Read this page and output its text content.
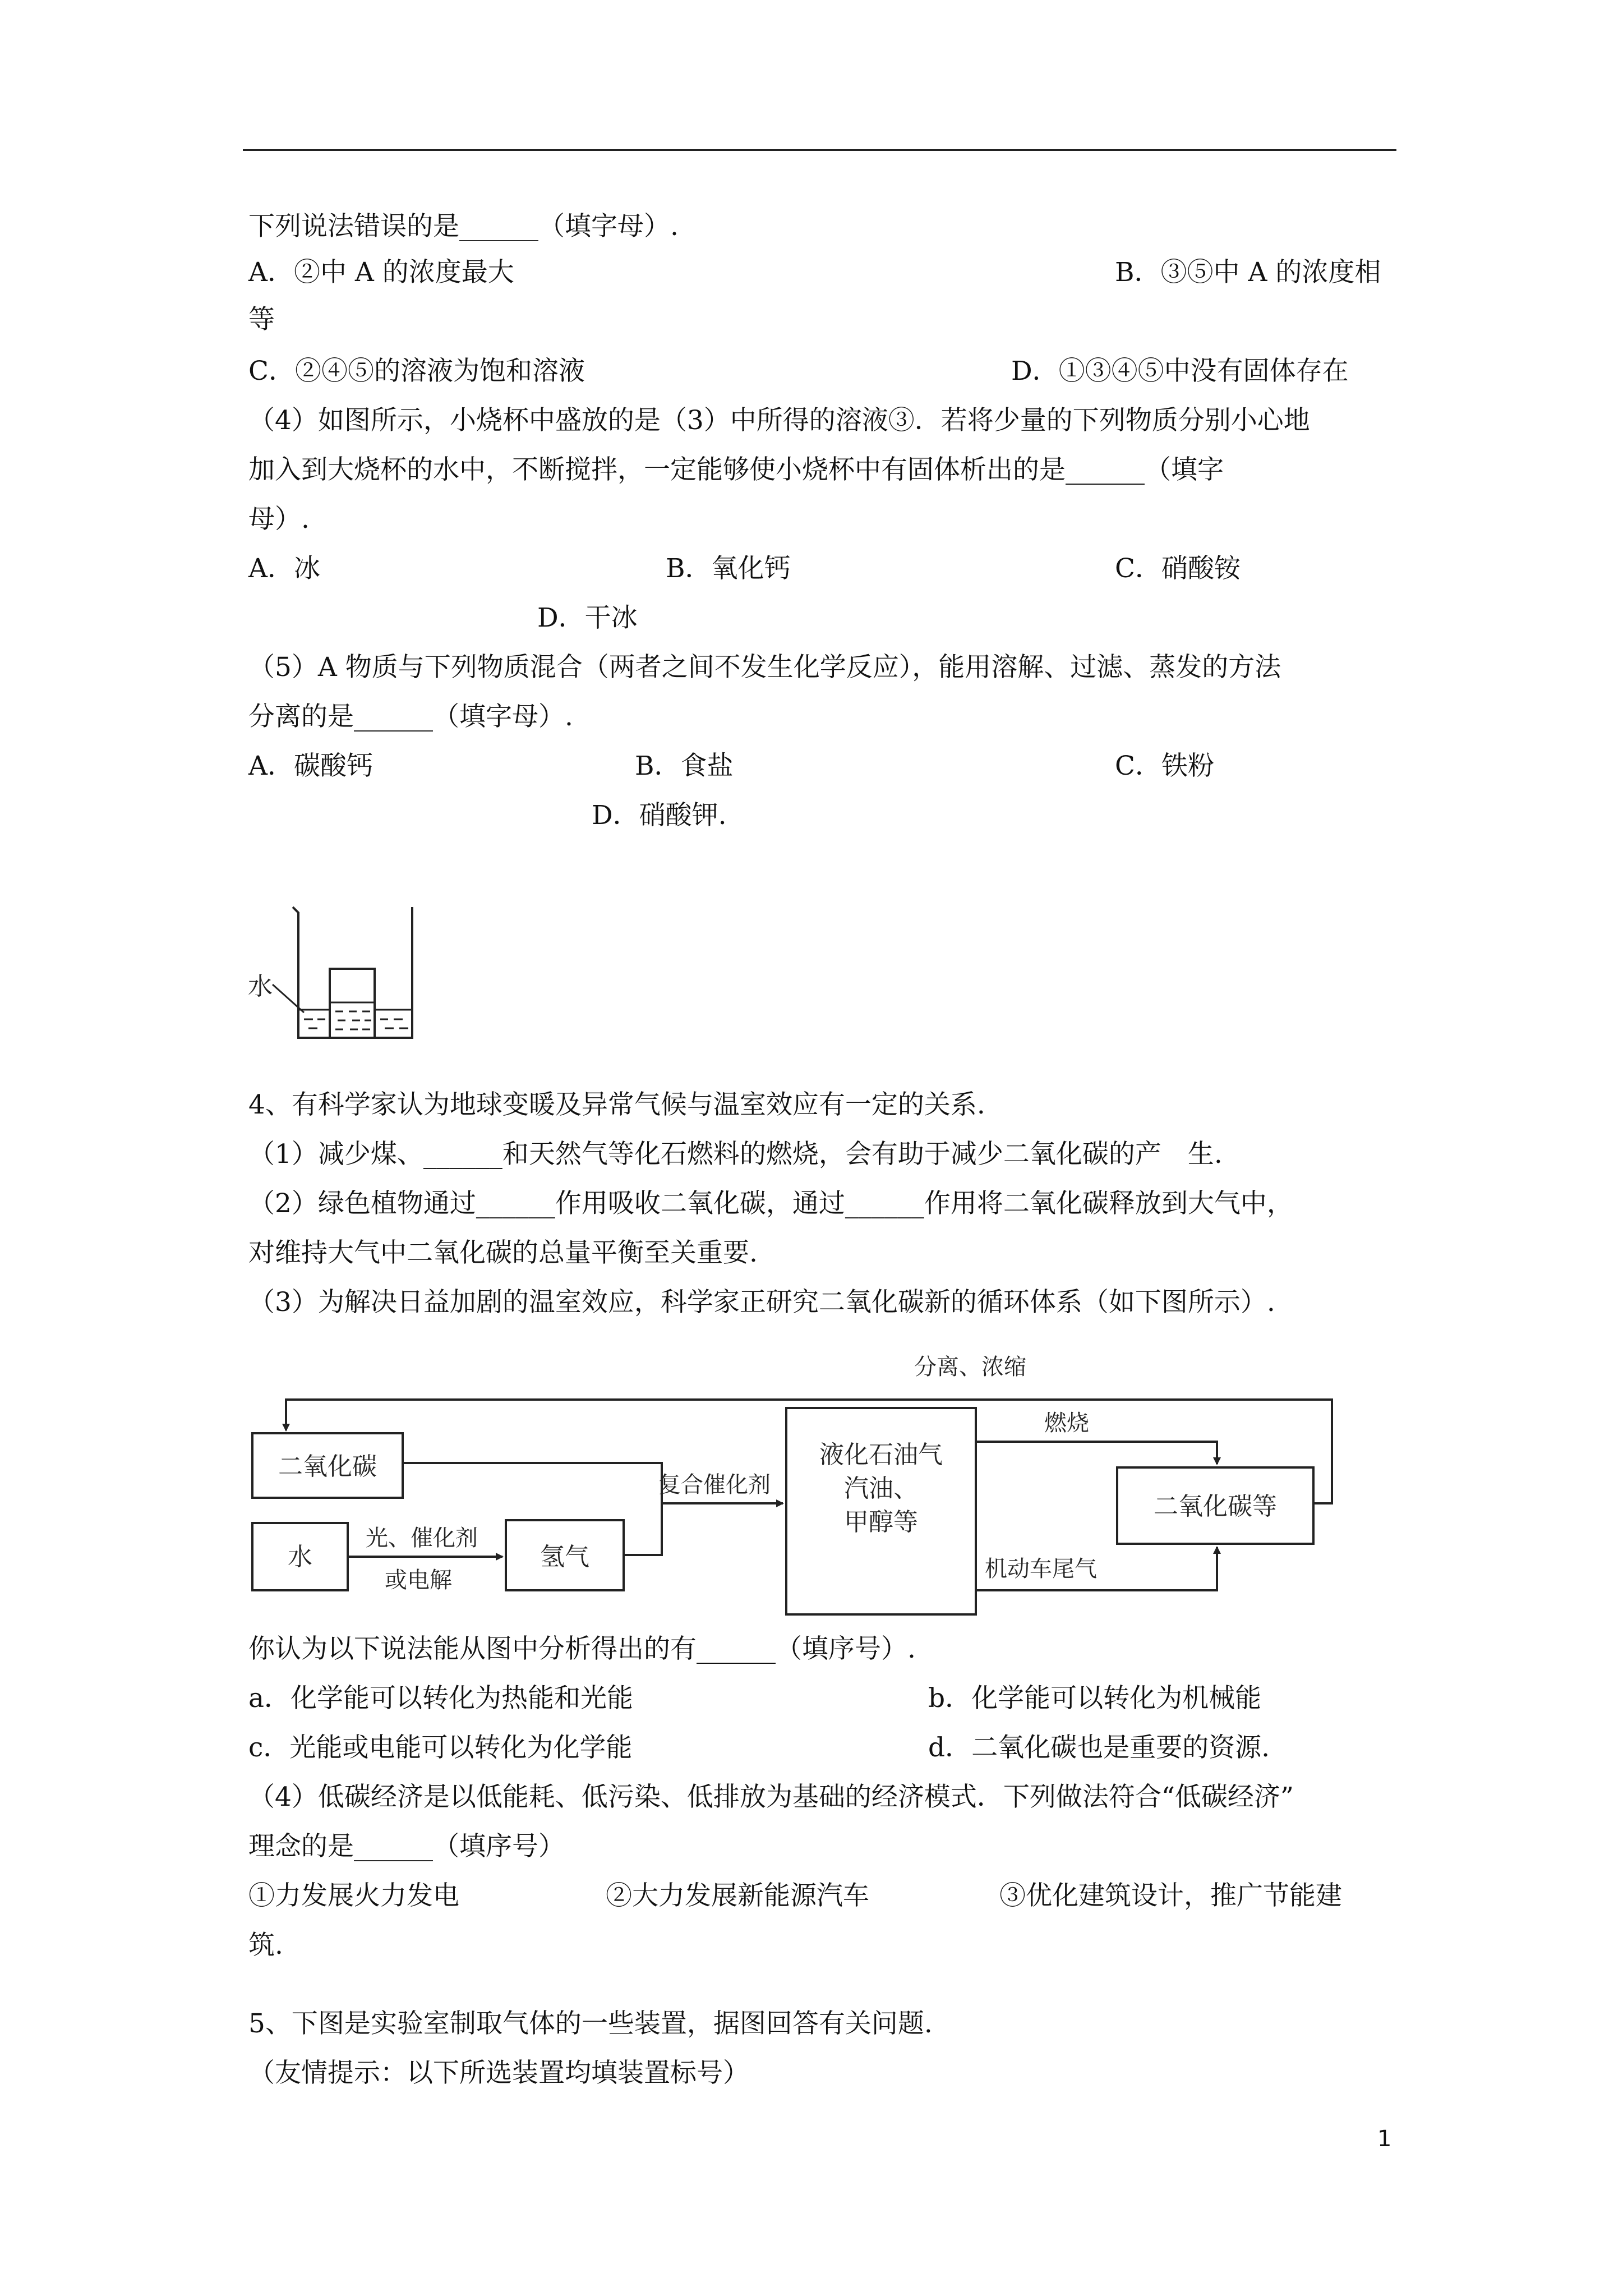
下列说法错误的是______（填字母）.
A．②中 A 的浓度最大	B．③⑤中 A 的浓度相
等
C．②④⑤的溶液为饱和溶液	D．①③④⑤中没有固体存在
（4）如图所示，小烧杯中盛放的是（3）中所得的溶液③．若将少量的下列物质分别小心地
加入到大烧杯的水中，不断搅拌，一定能够使小烧杯中有固体析出的是______（填字
母）.
A．冰	B．氧化钙	C．硝酸铵
D．干冰
（5）A 物质与下列物质混合（两者之间不发生化学反应），能用溶解、过滤、蒸发的方法
分离的是______（填字母）.
A．碳酸钙	B．食盐	C．铁粉
D．硝酸钾.
水
4、有科学家认为地球变暖及异常气候与温室效应有一定的关系.
（1）减少煤、______和天然气等化石燃料的燃烧，会有助于减少二氧化碳的产　生.
（2）绿色植物通过______作用吸收二氧化碳，通过______作用将二氧化碳释放到大气中，
对维持大气中二氧化碳的总量平衡至关重要.
（3）为解决日益加剧的温室效应，科学家正研究二氧化碳新的循环体系（如下图所示）.
二氧化碳
水	氢气
液化石油气
汽油、
甲醇等
二氧化碳等
分离、浓缩
复合催化剂
光、催化剂
或电解
燃烧
机动车尾气
你认为以下说法能从图中分析得出的有______（填序号）.
a．化学能可以转化为热能和光能	b．化学能可以转化为机械能
c．光能或电能可以转化为化学能	d．二氧化碳也是重要的资源.
（4）低碳经济是以低能耗、低污染、低排放为基础的经济模式．下列做法符合“低碳经济”
理念的是______（填序号）
①力发展火力发电	②大力发展新能源汽车	③优化建筑设计，推广节能建
筑.
5、下图是实验室制取气体的一些装置，据图回答有关问题.
（友情提示：以下所选装置均填装置标号）
1
